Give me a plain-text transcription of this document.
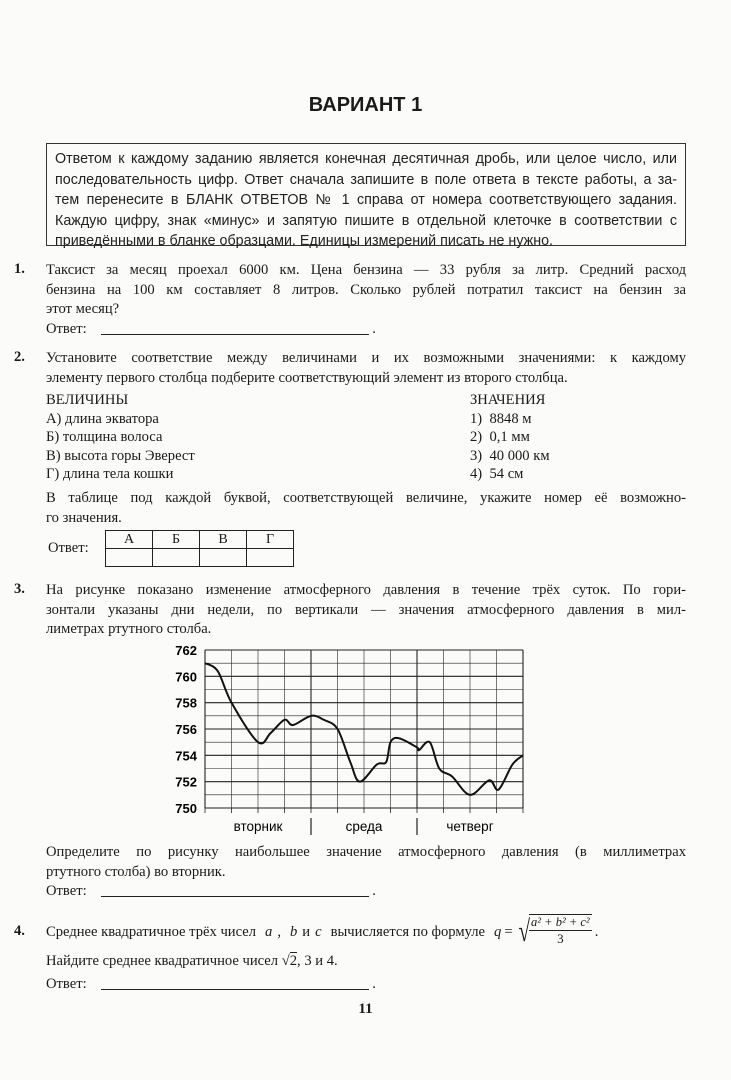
ВАРИАНТ 1
Ответом к каждому заданию является конечная десятичная дробь, или целое число, или
последовательность цифр. Ответ сначала запишите в поле ответа в тексте работы, а за-
тем перенесите в БЛАНК ОТВЕТОВ № 1 справа от номера соответствующего задания.
Каждую цифру, знак «минус» и запятую пишите в отдельной клеточке в соответствии с
приведёнными в бланке образцами. Единицы измерений писать не нужно.
1. Таксист за месяц проехал 6000 км. Цена бензина — 33 рубля за литр. Средний расход
бензина на 100 км составляет 8 литров. Сколько рублей потратил таксист на бензин за
этот месяц?
Ответ:	.
2. Установите соответствие между величинами и их возможными значениями: к каждому
элементу первого столбца подберите соответствующий элемент из второго столбца.
ВЕЛИЧИНЫ
А) длина экватора
Б) толщина волоса
В) высота горы Эверест
Г) длина тела кошки
ЗНАЧЕНИЯ
1)  8848 м
2)  0,1 мм
3)  40 000 км
4)  54 см
В таблице под каждой буквой, соответствующей величине, укажите номер её возможно-
го значения.
Ответ:
А	Б	В	Г

3. На рисунке показано изменение атмосферного давления в течение трёх суток. По гори-
зонтали указаны дни недели, по вертикали — значения атмосферного давления в мил-
лиметрах ртутного столба.
762
760
758
756
754
752
750
вторник	среда	четверг
Определите по рисунку наибольшее значение атмосферного давления (в миллиметрах
ртутного столба) во вторник.
Ответ:	.
4. Среднее квадратичное трёх чисел a , b и c вычисляется по формуле q = √ $\frac{\text{a² + b² + c²}}{3}$ .
Найдите среднее квадратичное чисел √2, 3 и 4.
Ответ:	.
11
